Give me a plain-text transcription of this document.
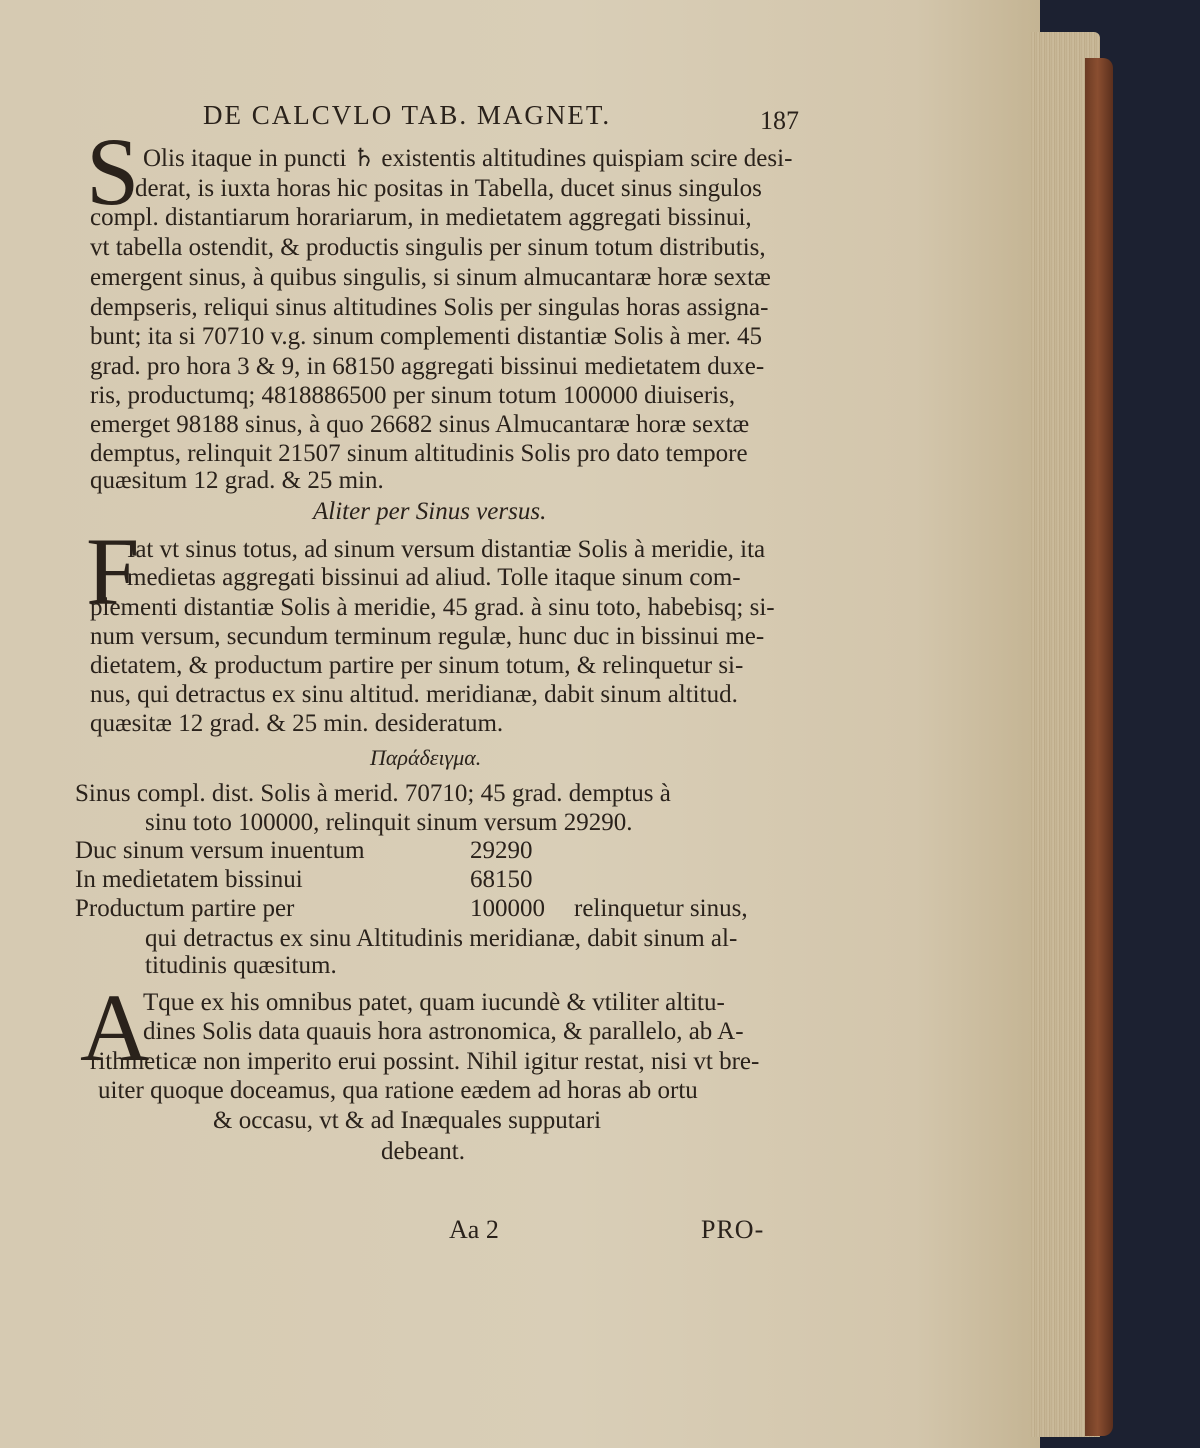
DE CALCVLO TAB. MAGNET.	187
S Olis itaque in puncti ♄ existentis altitudines quispiam scire desi-
derat, is iuxta horas hic positas in Tabella, ducet sinus singulos
compl. distantiarum horariarum, in medietatem aggregati bissinui,
vt tabella ostendit, & productis singulis per sinum totum distributis,
emergent sinus, à quibus singulis, si sinum almucantaræ horæ sextæ
dempseris, reliqui sinus altitudines Solis per singulas horas assigna-
bunt; ita si 70710 v.g. sinum complementi distantiæ Solis à mer. 45
grad. pro hora 3 & 9, in 68150 aggregati bissinui medietatem duxe-
ris, productumq; 4818886500 per sinum totum 100000 diuiseris,
emerget 98188 sinus, à quo 26682 sinus Almucantaræ horæ sextæ
demptus, relinquit 21507 sinum altitudinis Solis pro dato tempore
quæsitum 12 grad. & 25 min.
Aliter per Sinus versus.
F
Iat vt sinus totus, ad sinum versum distantiæ Solis à meridie, ita
medietas aggregati bissinui ad aliud. Tolle itaque sinum com-
plementi distantiæ Solis à meridie, 45 grad. à sinu toto, habebisq; si-
num versum, secundum terminum regulæ, hunc duc in bissinui me-
dietatem, & productum partire per sinum totum, & relinquetur si-
nus, qui detractus ex sinu altitud. meridianæ, dabit sinum altitud.
quæsitæ 12 grad. & 25 min. desideratum.
Παράδειγμα.
Sinus compl. dist. Solis à merid. 70710; 45 grad. demptus à
sinu toto 100000, relinquit sinum versum 29290.
Duc sinum versum inuentum	29290
In medietatem bissinui	68150
Productum partire per	100000 relinquetur sinus,
qui detractus ex sinu Altitudinis meridianæ, dabit sinum al-
titudinis quæsitum.
A
Tque ex his omnibus patet, quam iucundè & vtiliter altitu-
dines Solis data quauis hora astronomica, & parallelo, ab A-
rithmeticæ non imperito erui possint. Nihil igitur restat, nisi vt bre-
uiter quoque doceamus, qua ratione eædem ad horas ab ortu
& occasu, vt & ad Inæquales supputari
debeant.
Aa 2	PRO-
